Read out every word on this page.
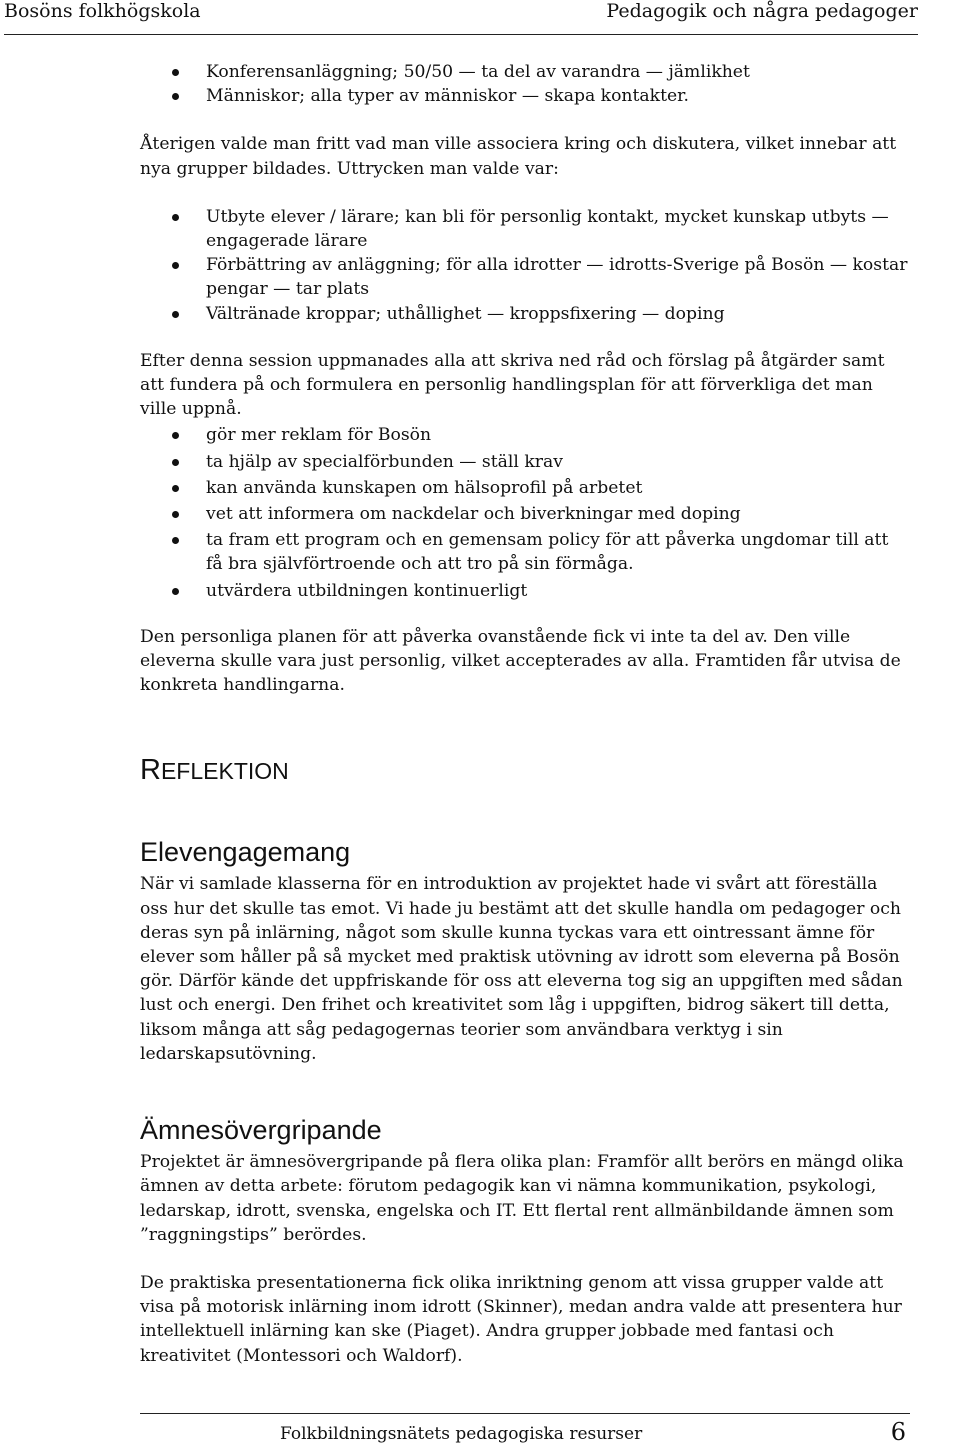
Bosöns folkhögskola	Pedagogik och några pedagoger
Konferensanläggning; 50/50 — ta del av varandra — jämlikhet
Människor; alla typer av människor — skapa kontakter.

Återigen valde man fritt vad man ville associera kring och diskutera, vilket innebar att nya grupper bildades. Uttrycken man valde var:

Utbyte elever / lärare; kan bli för personlig kontakt, mycket kunskap utbyts — engagerade lärare
Förbättring av anläggning; för alla idrotter — idrotts-Sverige på Bosön — kostar pengar — tar plats
Vältränade kroppar; uthållighet — kroppsfixering — doping

Efter denna session uppmanades alla att skriva ned råd och förslag på åtgärder samt att fundera på och formulera en personlig handlingsplan för att förverkliga det man ville uppnå.

gör mer reklam för Bosön
ta hjälp av specialförbunden — ställ krav
kan använda kunskapen om hälsoprofil på arbetet
vet att informera om nackdelar och biverkningar med doping
ta fram ett program och en gemensam policy för att påverka ungdomar till att få bra självförtroende och att tro på sin förmåga.
utvärdera utbildningen kontinuerligt

Den personliga planen för att påverka ovanstående fick vi inte ta del av. Den ville eleverna skulle vara just personlig, vilket accepterades av alla. Framtiden får utvisa de konkreta handlingarna.

REFLEKTION
Elevengagemang

När vi samlade klasserna för en introduktion av projektet hade vi svårt att föreställa oss hur det skulle tas emot. Vi hade ju bestämt att det skulle handla om pedagoger och deras syn på inlärning, något som skulle kunna tyckas vara ett ointressant ämne för elever som håller på så mycket med praktisk utövning av idrott som eleverna på Bosön gör. Därför kände det uppfriskande för oss att eleverna tog sig an uppgiften med sådan lust och energi. Den frihet och kreativitet som låg i uppgiften, bidrog säkert till detta, liksom många att såg pedagogernas teorier som användbara verktyg i sin ledarskapsutövning.

Ämnesövergripande

Projektet är ämnesövergripande på flera olika plan: Framför allt berörs en mängd olika ämnen av detta arbete: förutom pedagogik kan vi nämna kommunikation, psykologi, ledarskap, idrott, svenska, engelska och IT. Ett flertal rent allmänbildande ämnen som ”raggningstips” berördes.

De praktiska presentationerna fick olika inriktning genom att vissa grupper valde att visa på motorisk inlärning inom idrott (Skinner), medan andra valde att presentera hur intellektuell inlärning kan ske (Piaget). Andra grupper jobbade med fantasi och kreativitet (Montessori och Waldorf).

Folkbildningsnätets pedagogiska resurser	6
